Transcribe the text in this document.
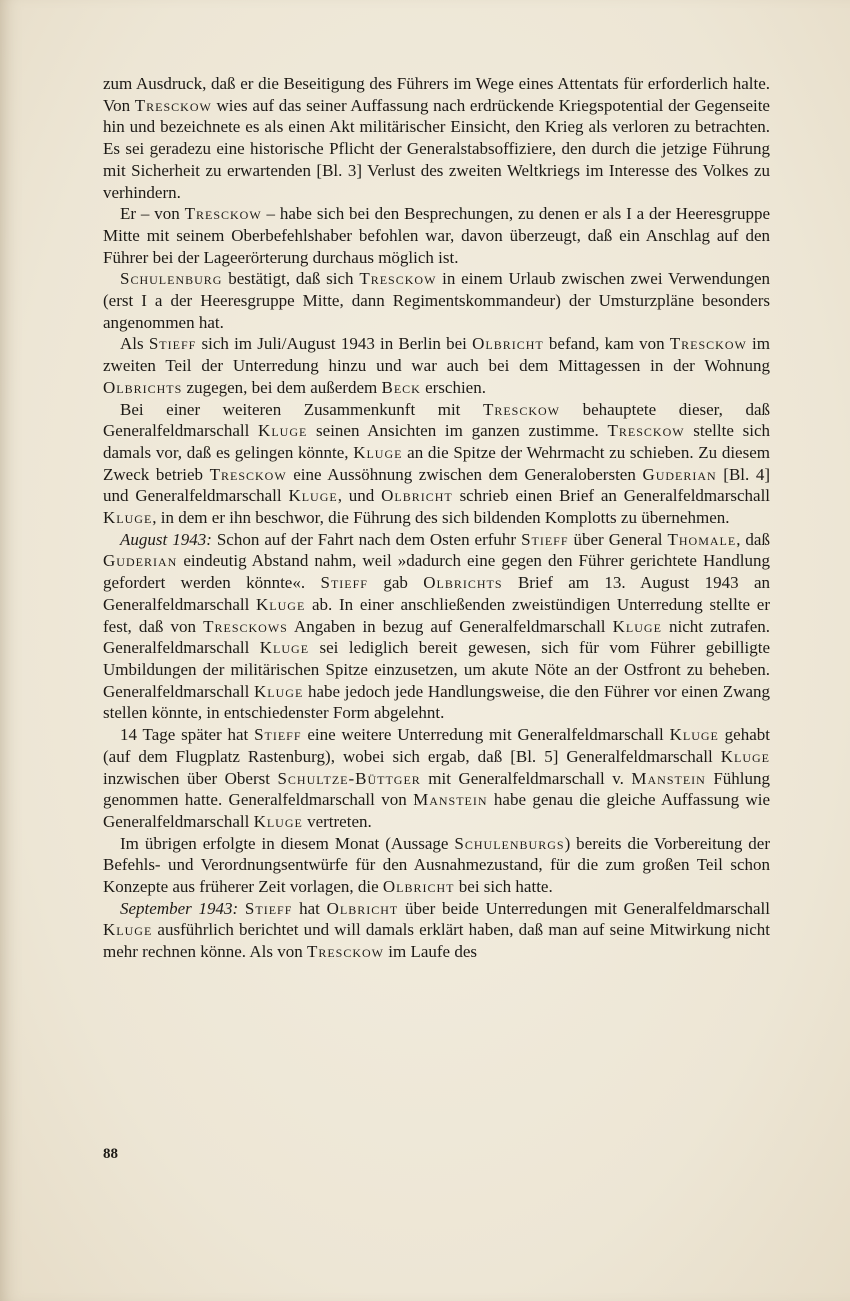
zum Ausdruck, daß er die Beseitigung des Führers im Wege eines Attentats für erforderlich halte. Von Tresckow wies auf das seiner Auffassung nach erdrückende Kriegspotential der Gegenseite hin und bezeichnete es als einen Akt militärischer Einsicht, den Krieg als verloren zu betrachten. Es sei geradezu eine historische Pflicht der Generalstabsoffiziere, den durch die jetzige Führung mit Sicherheit zu erwartenden [Bl. 3] Verlust des zweiten Weltkriegs im Interesse des Volkes zu verhindern.

Er – von Tresckow – habe sich bei den Besprechungen, zu denen er als I a der Heeresgruppe Mitte mit seinem Oberbefehlshaber befohlen war, davon überzeugt, daß ein Anschlag auf den Führer bei der Lageerörterung durchaus möglich ist.

Schulenburg bestätigt, daß sich Tresckow in einem Urlaub zwischen zwei Verwendungen (erst I a der Heeresgruppe Mitte, dann Regimentskommandeur) der Umsturzpläne besonders angenommen hat.

Als Stieff sich im Juli/August 1943 in Berlin bei Olbricht befand, kam von Tresckow im zweiten Teil der Unterredung hinzu und war auch bei dem Mittagessen in der Wohnung Olbrichts zugegen, bei dem außerdem Beck erschien.

Bei einer weiteren Zusammenkunft mit Tresckow behauptete dieser, daß Generalfeldmarschall Kluge seinen Ansichten im ganzen zustimme. Tresckow stellte sich damals vor, daß es gelingen könnte, Kluge an die Spitze der Wehrmacht zu schieben. Zu diesem Zweck betrieb Tresckow eine Aussöhnung zwischen dem Generalobersten Guderian [Bl. 4] und Generalfeldmarschall Kluge, und Olbricht schrieb einen Brief an Generalfeldmarschall Kluge, in dem er ihn beschwor, die Führung des sich bildenden Komplotts zu übernehmen.

August 1943: Schon auf der Fahrt nach dem Osten erfuhr Stieff über General Thomale, daß Guderian eindeutig Abstand nahm, weil »dadurch eine gegen den Führer gerichtete Handlung gefordert werden könnte«. Stieff gab Olbrichts Brief am 13. August 1943 an Generalfeldmarschall Kluge ab. In einer anschließenden zweistündigen Unterredung stellte er fest, daß von Tresckows Angaben in bezug auf Generalfeldmarschall Kluge nicht zutrafen. Generalfeldmarschall Kluge sei lediglich bereit gewesen, sich für vom Führer gebilligte Umbildungen der militärischen Spitze einzusetzen, um akute Nöte an der Ostfront zu beheben. Generalfeldmarschall Kluge habe jedoch jede Handlungsweise, die den Führer vor einen Zwang stellen könnte, in entschiedenster Form abgelehnt.

14 Tage später hat Stieff eine weitere Unterredung mit Generalfeldmarschall Kluge gehabt (auf dem Flugplatz Rastenburg), wobei sich ergab, daß [Bl. 5] Generalfeldmarschall Kluge inzwischen über Oberst Schultze-Büttger mit Generalfeldmarschall v. Manstein Fühlung genommen hatte. Generalfeldmarschall von Manstein habe genau die gleiche Auffassung wie Generalfeldmarschall Kluge vertreten.

Im übrigen erfolgte in diesem Monat (Aussage Schulenburgs) bereits die Vorbereitung der Befehls- und Verordnungsentwürfe für den Ausnahmezustand, für die zum großen Teil schon Konzepte aus früherer Zeit vorlagen, die Olbricht bei sich hatte.

September 1943: Stieff hat Olbricht über beide Unterredungen mit Generalfeldmarschall Kluge ausführlich berichtet und will damals erklärt haben, daß man auf seine Mitwirkung nicht mehr rechnen könne. Als von Tresckow im Laufe des

88
